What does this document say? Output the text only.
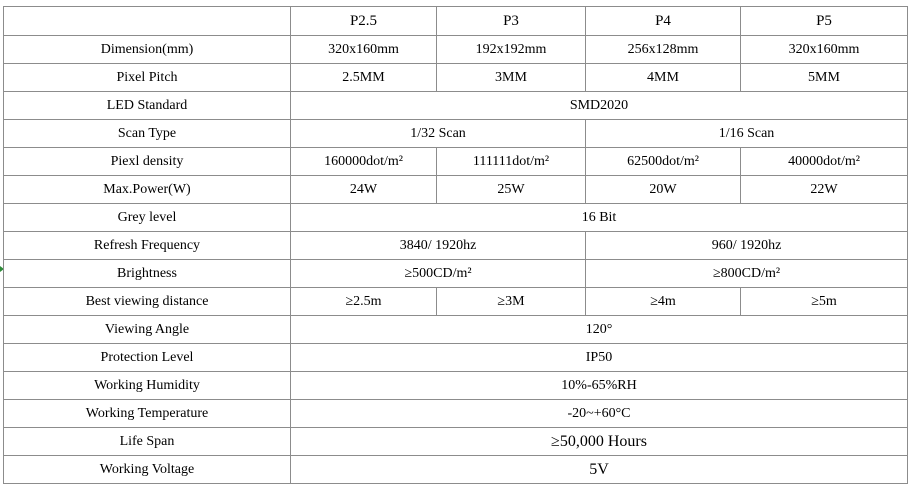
	P2.5	P3	P4	P5
Dimension(mm)	320x160mm	192x192mm	256x128mm	320x160mm
Pixel Pitch	2.5MM	3MM	4MM	5MM
LED Standard	SMD2020			
Scan Type	1/32 Scan		1/16 Scan	
Piexl density	160000dot/m²	111111dot/m²	62500dot/m²	40000dot/m²
Max.Power(W)	24W	25W	20W	22W
Grey level	16 Bit			
Refresh Frequency	3840/ 1920hz		960/ 1920hz	
Brightness	≥500CD/m²		≥800CD/m²	
Best viewing distance	≥2.5m	≥3M	≥4m	≥5m
Viewing Angle	120°			
Protection Level	IP50			
Working Humidity	10%-65%RH			
Working Temperature	-20~+60°C			
Life Span	≥50,000 Hours			
Working Voltage	5V			
